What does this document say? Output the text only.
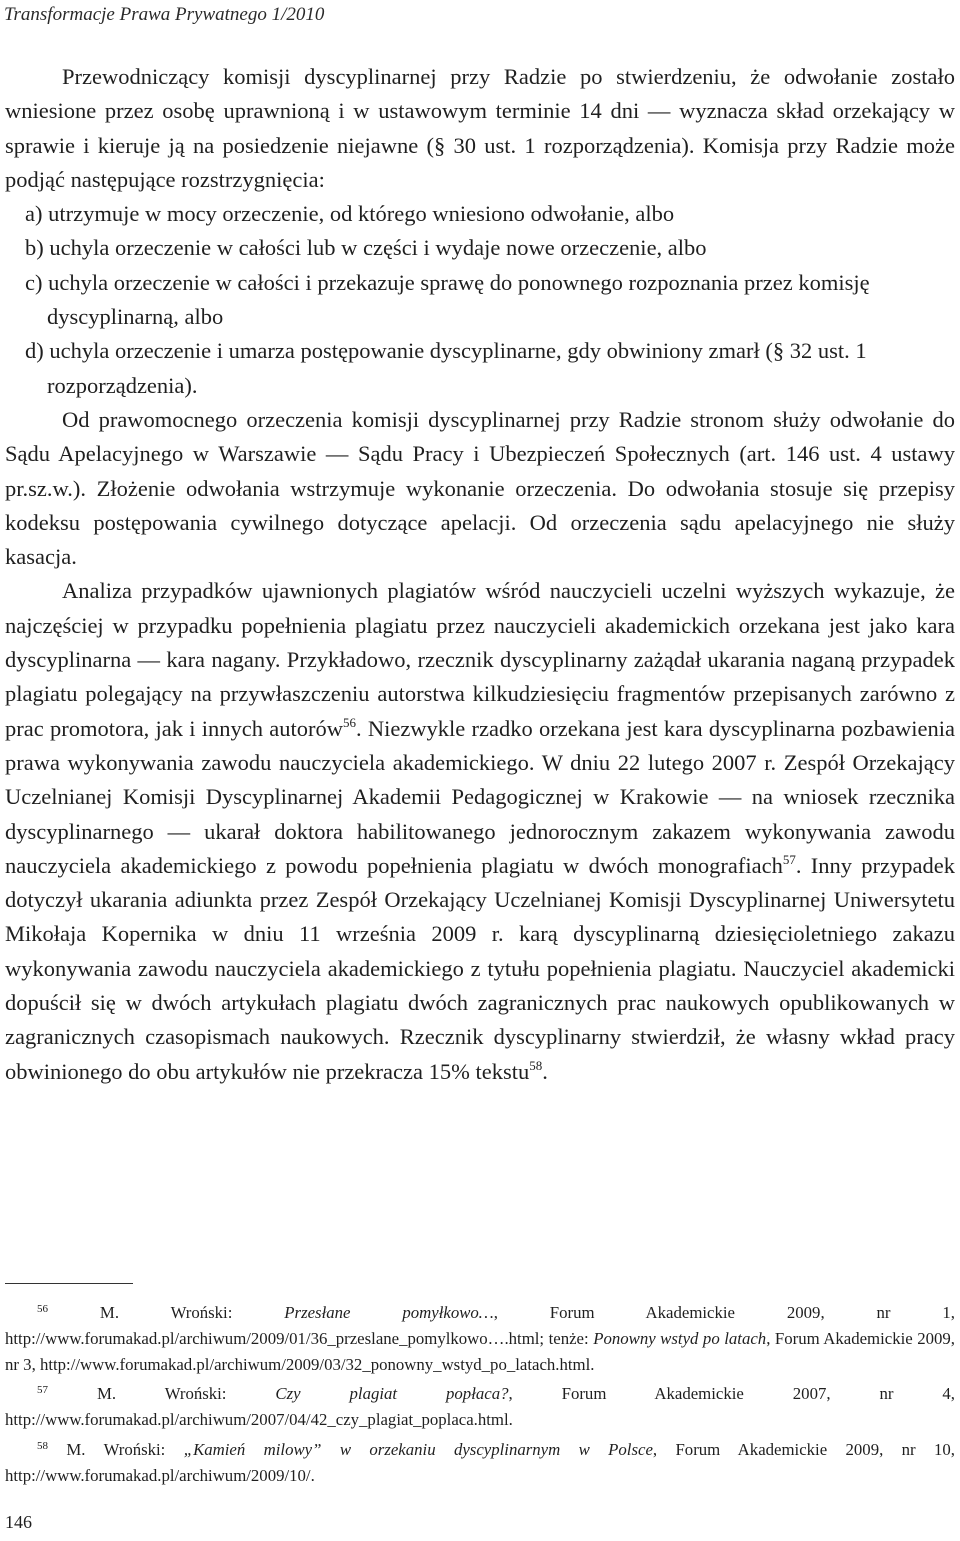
Transformacje Prawa Prywatnego 1/2010

Przewodniczący komisji dyscyplinarnej przy Radzie po stwierdzeniu, że odwołanie zostało wniesione przez osobę uprawnioną i w ustawowym terminie 14 dni — wyznacza skład orzekający w sprawie i kieruje ją na posiedzenie niejawne (§ 30 ust. 1 rozporządzenia). Komisja przy Radzie może podjąć następujące rozstrzygnięcia:

a) utrzymuje w mocy orzeczenie, od którego wniesiono odwołanie, albo
b) uchyla orzeczenie w całości lub w części i wydaje nowe orzeczenie, albo
c) uchyla orzeczenie w całości i przekazuje sprawę do ponownego rozpoznania przez komisję dyscyplinarną, albo
d) uchyla orzeczenie i umarza postępowanie dyscyplinarne, gdy obwiniony zmarł (§ 32 ust. 1 rozporządzenia).

Od prawomocnego orzeczenia komisji dyscyplinarnej przy Radzie stronom służy odwołanie do Sądu Apelacyjnego w Warszawie — Sądu Pracy i Ubezpieczeń Społecznych (art. 146 ust. 4 ustawy pr.sz.w.). Złożenie odwołania wstrzymuje wykonanie orzeczenia. Do odwołania stosuje się przepisy kodeksu postępowania cywilnego dotyczące apelacji. Od orzeczenia sądu apelacyjnego nie służy kasacja.

Analiza przypadków ujawnionych plagiatów wśród nauczycieli uczelni wyższych wykazuje, że najczęściej w przypadku popełnienia plagiatu przez nauczycieli akademickich orzekana jest jako kara dyscyplinarna — kara nagany. Przykładowo, rzecznik dyscyplinarny zażądał ukarania naganą przypadek plagiatu polegający na przywłaszczeniu autorstwa kilkudziesięciu fragmentów przepisanych zarówno z prac promotora, jak i innych autorów$^{56}$. Niezwykle rzadko orzekana jest kara dyscyplinarna pozbawienia prawa wykonywania zawodu nauczyciela akademickiego. W dniu 22 lutego 2007 r. Zespół Orzekający Uczelnianej Komisji Dyscyplinarnej Akademii Pedagogicznej w Krakowie — na wniosek rzecznika dyscyplinarnego — ukarał doktora habilitowanego jednorocznym zakazem wykonywania zawodu nauczyciela akademickiego z powodu popełnienia plagiatu w dwóch monografiach$^{57}$. Inny przypadek dotyczył ukarania adiunkta przez Zespół Orzekający Uczelnianej Komisji Dyscyplinarnej Uniwersytetu Mikołaja Kopernika w dniu 11 września 2009 r. karą dyscyplinarną dziesięcioletniego zakazu wykonywania zawodu nauczyciela akademickiego z tytułu popełnienia plagiatu. Nauczyciel akademicki dopuścił się w dwóch artykułach plagiatu dwóch zagranicznych prac naukowych opublikowanych w zagranicznych czasopismach naukowych. Rzecznik dyscyplinarny stwierdził, że własny wkład pracy obwinionego do obu artykułów nie przekracza 15% tekstu$^{58}$.

$^{56}$ M. Wroński: Przesłane pomyłkowo…, Forum Akademickie 2009, nr 1, http://www.forumakad.pl/archiwum/2009/01/36_przeslane_pomylkowo….html; tenże: Ponowny wstyd po latach, Forum Akademickie 2009, nr 3, http://www.forumakad.pl/archiwum/2009/03/32_ponowny_wstyd_po_latach.html.

$^{57}$ M. Wroński: Czy plagiat popłaca?, Forum Akademickie 2007, nr 4, http://www.forumakad.pl/archiwum/2007/04/42_czy_plagiat_poplaca.html.

$^{58}$ M. Wroński: „Kamień milowy” w orzekaniu dyscyplinarnym w Polsce, Forum Akademickie 2009, nr 10, http://www.forumakad.pl/archiwum/2009/10/.

146
